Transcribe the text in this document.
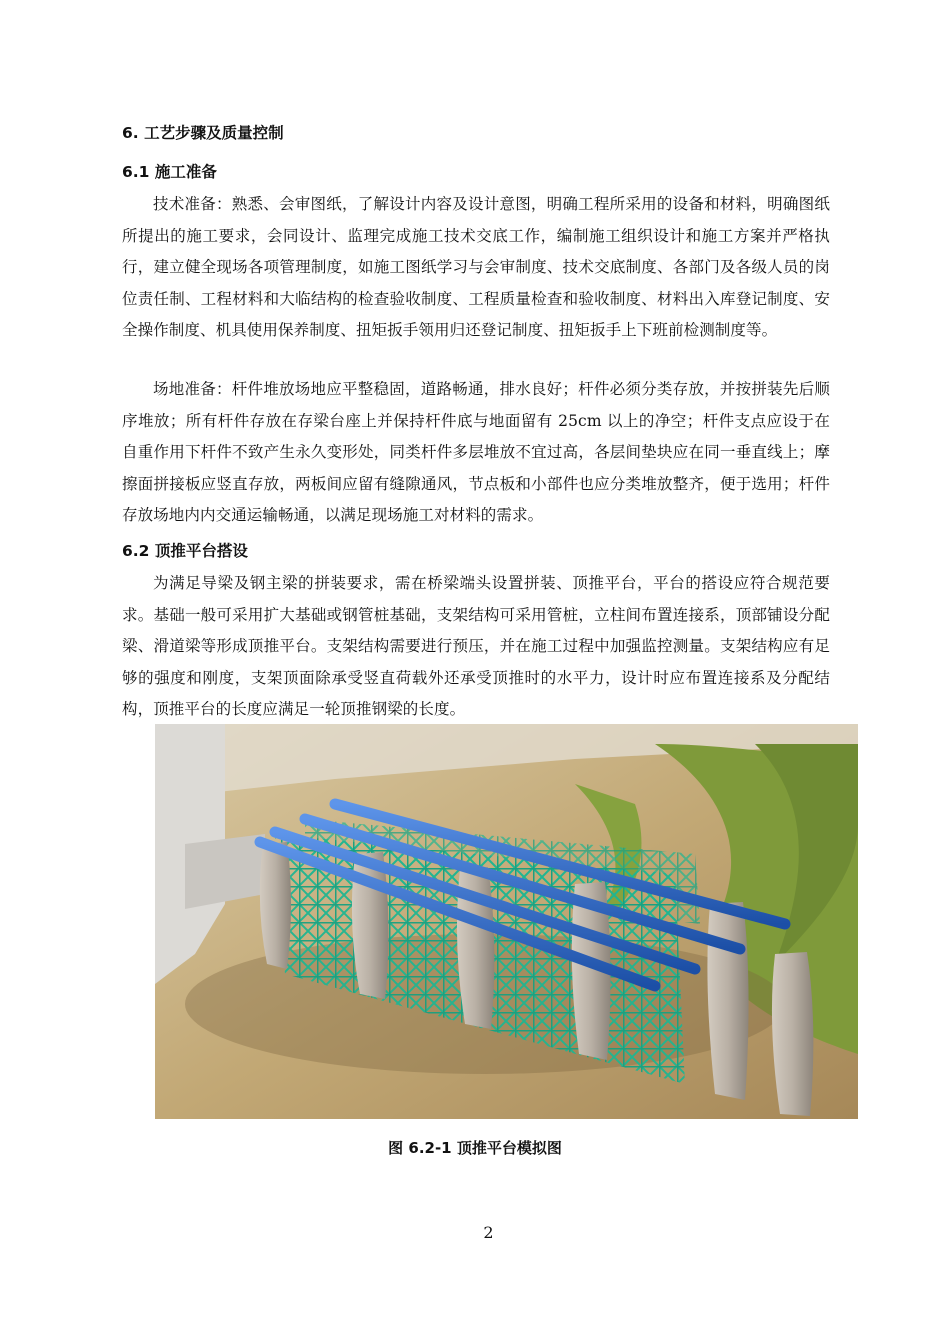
6. 工艺步骤及质量控制
6.1 施工准备

技术准备：熟悉、会审图纸，了解设计内容及设计意图，明确工程所采用的设备和材料，明确图纸所提出的施工要求，会同设计、监理完成施工技术交底工作，编制施工组织设计和施工方案并严格执行，建立健全现场各项管理制度，如施工图纸学习与会审制度、技术交底制度、各部门及各级人员的岗位责任制、工程材料和大临结构的检查验收制度、工程质量检查和验收制度、材料出入库登记制度、安全操作制度、机具使用保养制度、扭矩扳手领用归还登记制度、扭矩扳手上下班前检测制度等。

场地准备：杆件堆放场地应平整稳固，道路畅通，排水良好；杆件必须分类存放，并按拼装先后顺序堆放；所有杆件存放在存梁台座上并保持杆件底与地面留有 25cm 以上的净空；杆件支点应设于在自重作用下杆件不致产生永久变形处，同类杆件多层堆放不宜过高，各层间垫块应在同一垂直线上；摩擦面拼接板应竖直存放，两板间应留有缝隙通风，节点板和小部件也应分类堆放整齐，便于选用；杆件存放场地内内交通运输畅通，以满足现场施工对材料的需求。

6.2 顶推平台搭设

为满足导梁及钢主梁的拼装要求，需在桥梁端头设置拼装、顶推平台，平台的搭设应符合规范要求。基础一般可采用扩大基础或钢管桩基础，支架结构可采用管桩，立柱间布置连接系，顶部铺设分配梁、滑道梁等形成顶推平台。支架结构需要进行预压，并在施工过程中加强监控测量。支架结构应有足够的强度和刚度，支架顶面除承受竖直荷载外还承受顶推时的水平力，设计时应布置连接系及分配结构，顶推平台的长度应满足一轮顶推钢梁的长度。

图 6.2-1 顶推平台模拟图
2
